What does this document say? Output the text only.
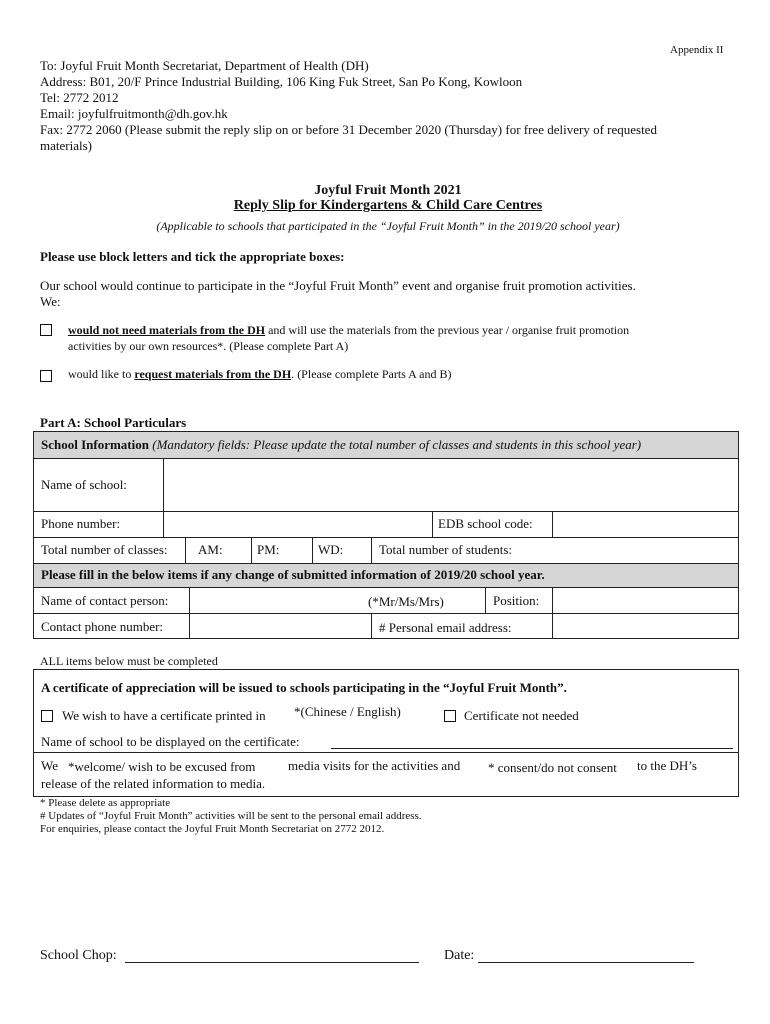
Appendix II
To: Joyful Fruit Month Secretariat, Department of Health (DH)
Address: B01, 20/F Prince Industrial Building, 106 King Fuk Street, San Po Kong, Kowloon
Tel: 2772 2012
Email: joyfulfruitmonth@dh.gov.hk
Fax: 2772 2060 (Please submit the reply slip on or before 31 December 2020 (Thursday) for free delivery of requested
materials)
Joyful Fruit Month 2021
Reply Slip for Kindergartens & Child Care Centres
(Applicable to schools that participated in the “Joyful Fruit Month” in the 2019/20 school year)
Please use block letters and tick the appropriate boxes:
Our school would continue to participate in the “Joyful Fruit Month” event and organise fruit promotion activities.
We:
would not need materials from the DH and will use the materials from the previous year / organise fruit promotion
activities by our own resources*. (Please complete Part A)
would like to request materials from the DH. (Please complete Parts A and B)
Part A: School Particulars
School Information (Mandatory fields: Please update the total number of classes and students in this school year)
Name of school:
Phone number:	EDB school code:
Total number of classes: AM:	PM:	WD:	Total number of students:
Please fill in the below items if any change of submitted information of 2019/20 school year.
Name of contact person:	(*Mr/Ms/Mrs)	Position:
Contact phone number:	# Personal email address:
ALL items below must be completed
A certificate of appreciation will be issued to schools participating in the “Joyful Fruit Month”.
We wish to have a certificate printed in *(Chinese / English)	Certificate not needed
Name of school to be displayed on the certificate:
We *welcome/ wish to be excused from	media visits for the activities and * consent/do not consent to the DH’s
release of the related information to media.
* Please delete as appropriate
# Updates of “Joyful Fruit Month” activities will be sent to the personal email address.
For enquiries, please contact the Joyful Fruit Month Secretariat on 2772 2012.
School Chop:	Date:
